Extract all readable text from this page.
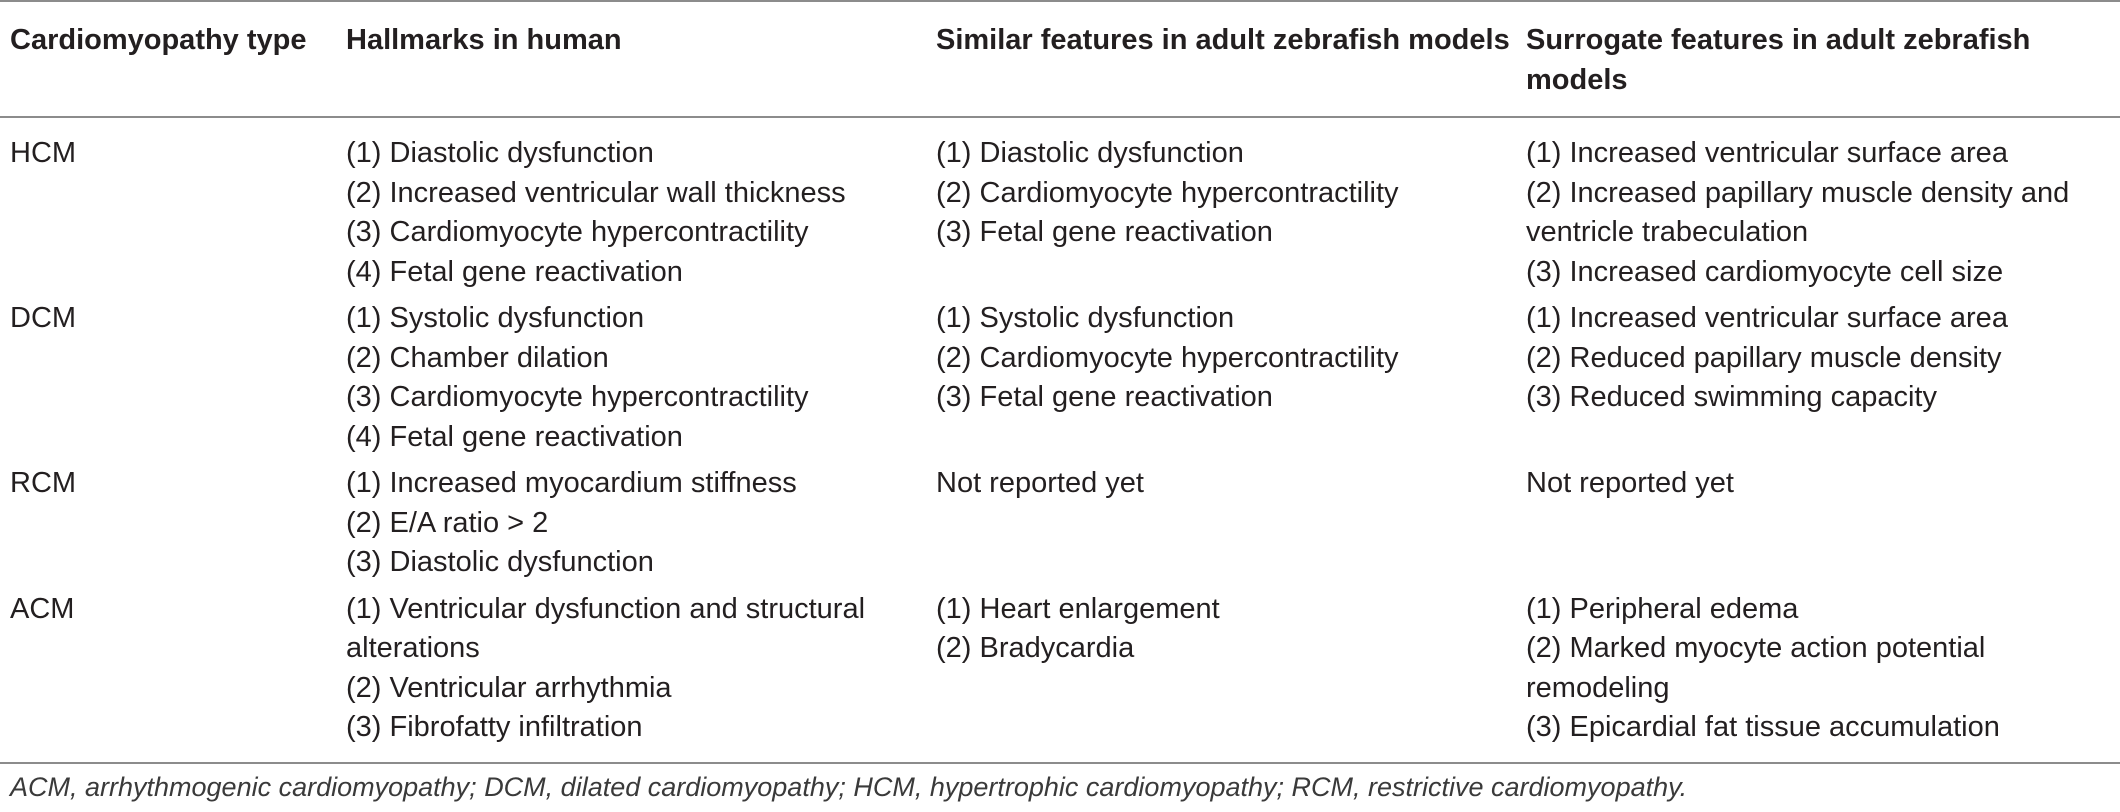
Cardiomyopathy type	Hallmarks in human	Similar features in adult zebrafish models	Surrogate features in adult zebrafish models
HCM	(1) Diastolic dysfunction
(2) Increased ventricular wall thickness
(3) Cardiomyocyte hypercontractility
(4) Fetal gene reactivation	(1) Diastolic dysfunction
(2) Cardiomyocyte hypercontractility
(3) Fetal gene reactivation	(1) Increased ventricular surface area
(2) Increased papillary muscle density and ventricle trabeculation
(3) Increased cardiomyocyte cell size

DCM	(1) Systolic dysfunction
(2) Chamber dilation
(3) Cardiomyocyte hypercontractility
(4) Fetal gene reactivation	(1) Systolic dysfunction
(2) Cardiomyocyte hypercontractility
(3) Fetal gene reactivation	(1) Increased ventricular surface area
(2) Reduced papillary muscle density
(3) Reduced swimming capacity

RCM	(1) Increased myocardium stiffness
(2) E/A ratio > 2
(3) Diastolic dysfunction	Not reported yet	Not reported yet

ACM	(1) Ventricular dysfunction and structural alterations
(2) Ventricular arrhythmia
(3) Fibrofatty infiltration	(1) Heart enlargement
(2) Bradycardia	(1) Peripheral edema
(2) Marked myocyte action potential remodeling
(3) Epicardial fat tissue accumulation
ACM, arrhythmogenic cardiomyopathy; DCM, dilated cardiomyopathy; HCM, hypertrophic cardiomyopathy; RCM, restrictive cardiomyopathy.
